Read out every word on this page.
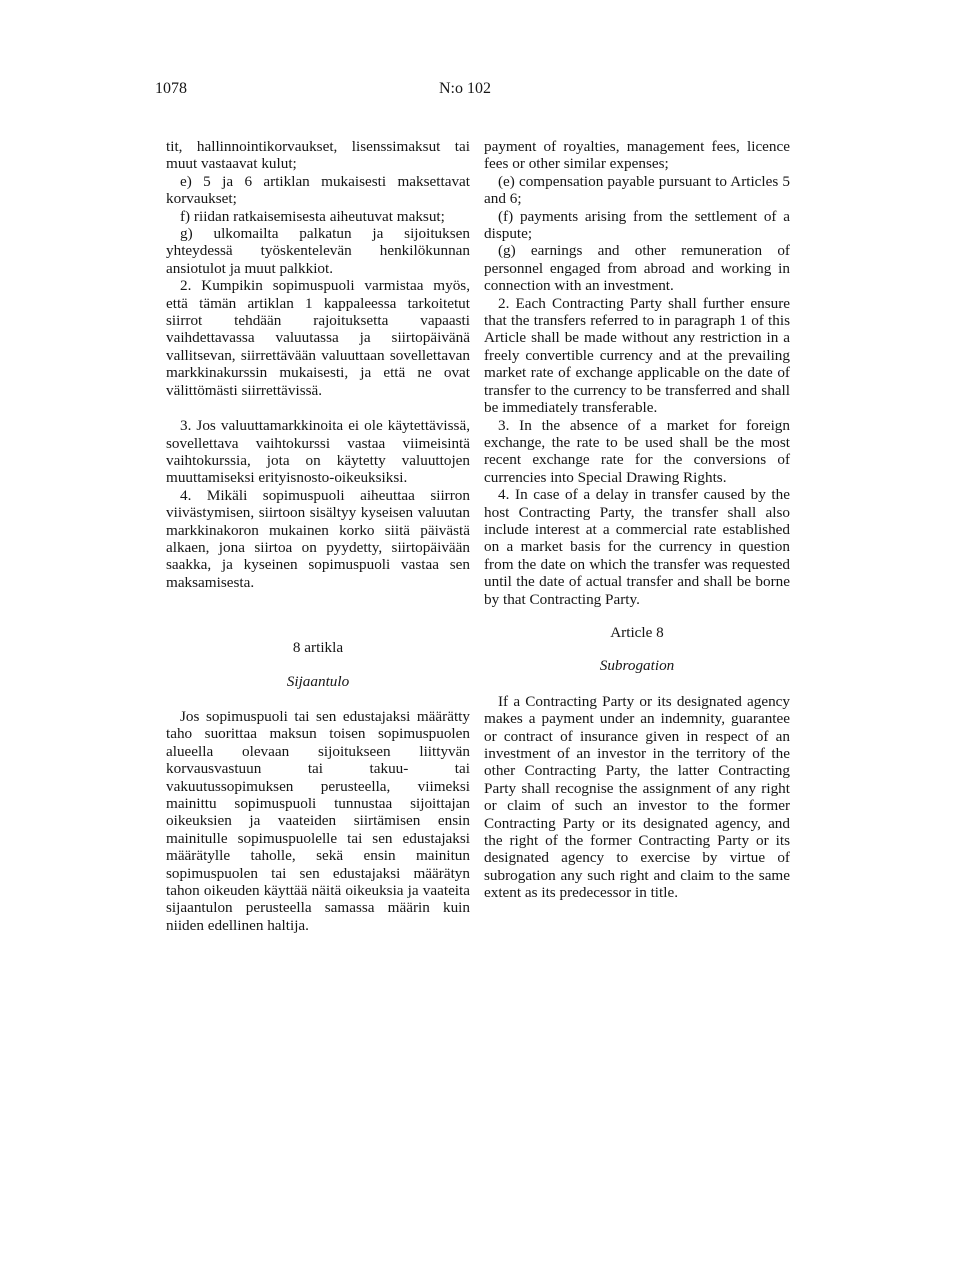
1078	N:o 102

tit, hallinnointikorvaukset, lisenssimaksut tai muut vastaavat kulut;

e) 5 ja 6 artiklan mukaisesti maksettavat korvaukset;

f) riidan ratkaisemisesta aiheutuvat maksut;

g) ulkomailta palkatun ja sijoituksen yhteydessä työskentelevän henkilökunnan ansiotulot ja muut palkkiot.

2. Kumpikin sopimuspuoli varmistaa myös, että tämän artiklan 1 kappaleessa tarkoitetut siirrot tehdään rajoituksetta vapaasti vaihdettavassa valuutassa ja siirtopäivänä vallitsevan, siirrettävään valuuttaan sovellettavan markkinakurssin mukaisesti, ja että ne ovat välittömästi siirrettävissä.

3. Jos valuuttamarkkinoita ei ole käytettävissä, sovellettava vaihtokurssi vastaa viimeisintä vaihtokurssia, jota on käytetty valuuttojen muuttamiseksi erityisnosto-oikeuksiksi.

4. Mikäli sopimuspuoli aiheuttaa siirron viivästymisen, siirtoon sisältyy kyseisen valuutan markkinakoron mukainen korko siitä päivästä alkaen, jona siirtoa on pyydetty, siirtopäivään saakka, ja kyseinen sopimuspuoli vastaa sen maksamisesta.

8 artikla

Sijaantulo

Jos sopimuspuoli tai sen edustajaksi määrätty taho suorittaa maksun toisen sopimuspuolen alueella olevaan sijoitukseen liittyvän korvausvastuun tai takuu- tai vakuutussopimuksen perusteella, viimeksi mainittu sopimuspuoli tunnustaa sijoittajan oikeuksien ja vaateiden siirtämisen ensin mainitulle sopimuspuolelle tai sen edustajaksi määrätylle taholle, sekä ensin mainitun sopimuspuolen tai sen edustajaksi määrätyn tahon oikeuden käyttää näitä oikeuksia ja vaateita sijaantulon perusteella samassa määrin kuin niiden edellinen haltija.

payment of royalties, management fees, licence fees or other similar expenses;

(e) compensation payable pursuant to Articles 5 and 6;

(f) payments arising from the settlement of a dispute;

(g) earnings and other remuneration of personnel engaged from abroad and working in connection with an investment.

2. Each Contracting Party shall further ensure that the transfers referred to in paragraph 1 of this Article shall be made without any restriction in a freely convertible currency and at the prevailing market rate of exchange applicable on the date of transfer to the currency to be transferred and shall be immediately transferable.

3. In the absence of a market for foreign exchange, the rate to be used shall be the most recent exchange rate for the conversions of currencies into Special Drawing Rights.

4. In case of a delay in transfer caused by the host Contracting Party, the transfer shall also include interest at a commercial rate established on a market basis for the currency in question from the date on which the transfer was requested until the date of actual transfer and shall be borne by that Contracting Party.

Article 8

Subrogation

If a Contracting Party or its designated agency makes a payment under an indemnity, guarantee or contract of insurance given in respect of an investment of an investor in the territory of the other Contracting Party, the latter Contracting Party shall recognise the assignment of any right or claim of such an investor to the former Contracting Party or its designated agency, and the right of the former Contracting Party or its designated agency to exercise by virtue of subrogation any such right and claim to the same extent as its predecessor in title.
